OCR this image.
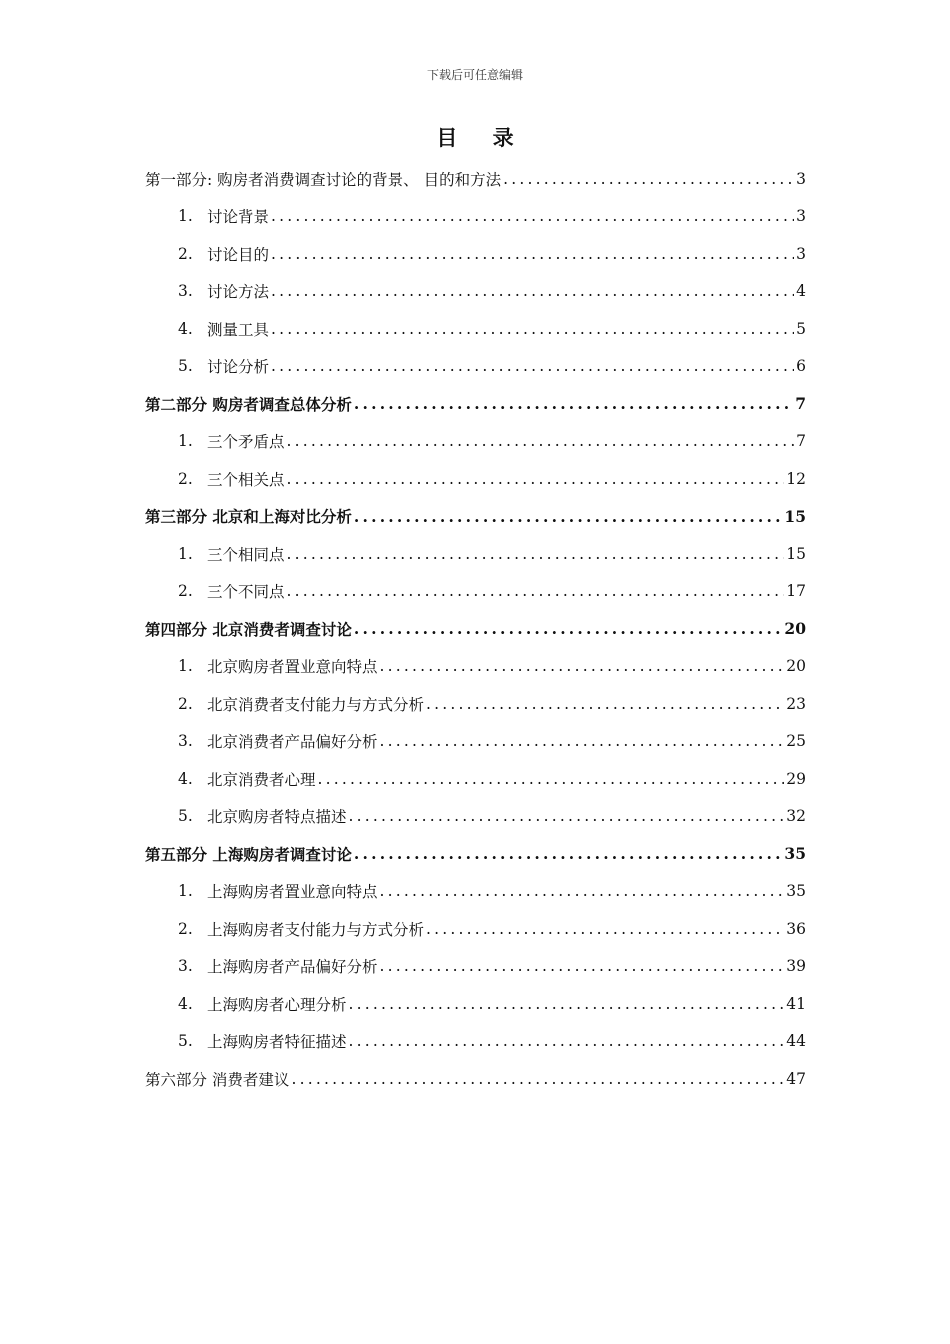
下载后可任意编辑
目 录
第一部分: 购房者消费调查讨论的背景、 目的和方法 .....	3
1. 讨论背景 .....	3
2. 讨论目的 .....	3
3. 讨论方法 .....	4
4. 测量工具 .....	5
5. 讨论分析 .....	6
第二部分 购房者调查总体分析 .....	7
1. 三个矛盾点 .....	7
2. 三个相关点 .....	12
第三部分 北京和上海对比分析 .....	15
1. 三个相同点 .....	15
2. 三个不同点 .....	17
第四部分 北京消费者调查讨论 .....	20
1. 北京购房者置业意向特点 .....	20
2. 北京消费者支付能力与方式分析 .....	23
3. 北京消费者产品偏好分析 .....	25
4. 北京消费者心理 .....	29
5. 北京购房者特点描述 .....	32
第五部分 上海购房者调查讨论 .....	35
1. 上海购房者置业意向特点 .....	35
2. 上海购房者支付能力与方式分析 .....	36
3. 上海购房者产品偏好分析 .....	39
4. 上海购房者心理分析 .....	41
5. 上海购房者特征描述 .....	44
第六部分 消费者建议 .....	47
